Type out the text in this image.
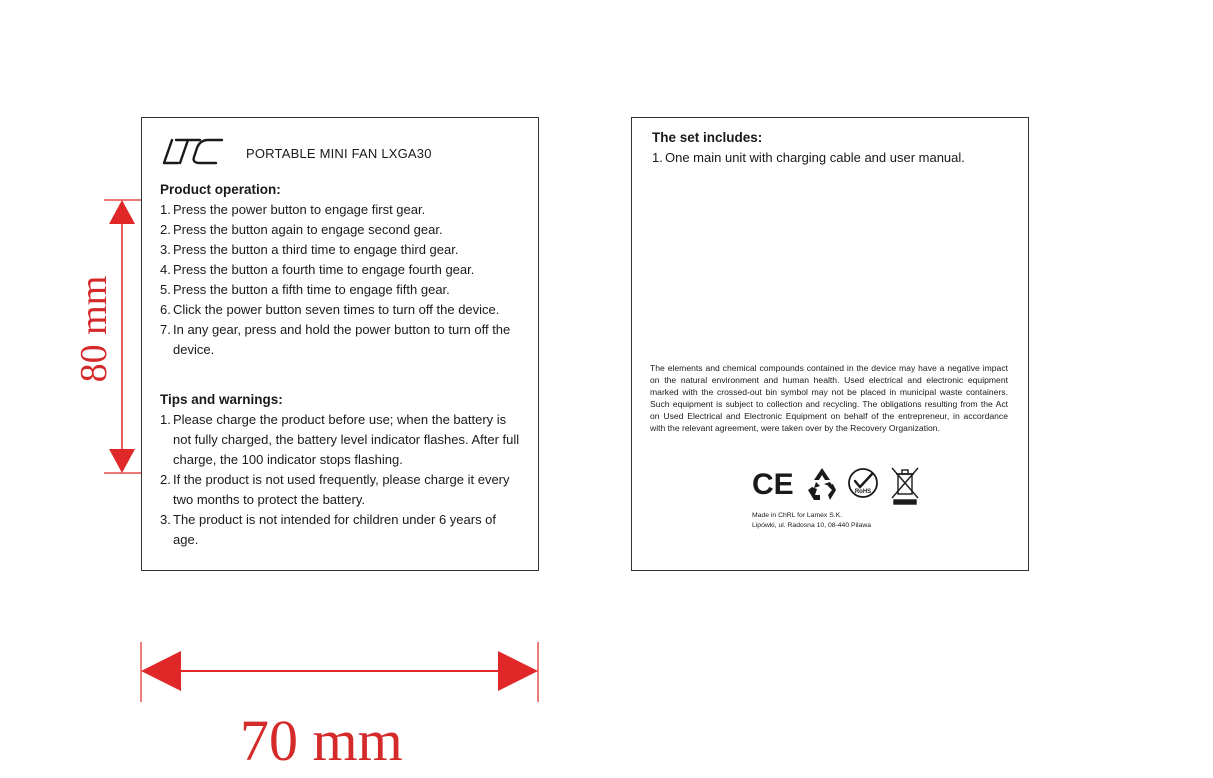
80 mm
70 mm
PORTABLE MINI FAN LXGA30
Product operation:
1. Press the power button to engage first gear.
2. Press the button again to engage second gear.
3. Press the button a third time to engage third gear.
4. Press the button a fourth time to engage fourth gear.
5. Press the button a fifth time to engage fifth gear.
6. Click the power button seven times to turn off the device.
7. In any gear, press and hold the power button to turn off the device.
Tips and warnings:
1. Please charge the product before use; when the battery is not fully charged, the battery level indicator flashes. After full charge, the 100 indicator stops flashing.
2. If the product is not used frequently, please charge it every two months to protect the battery.
3. The product is not intended for children under 6 years of age.
The set includes:
1. One main unit with charging cable and user manual.
The elements and chemical compounds contained in the device may have a negative impact on the natural environment and human health. Used electrical and electronic equipment marked with the crossed-out bin symbol may not be placed in municipal waste containers. Such equipment is subject to collection and recycling. The obligations resulting from the Act on Used Electrical and Electronic Equipment on behalf of the entrepreneur, in accordance with the relevant agreement, were taken over by the Recovery Organization.
CE	RoHS
Made in ChRL for Lamex S.K.
Lipówki, ul. Radosna 10, 08-440 Pilawa
